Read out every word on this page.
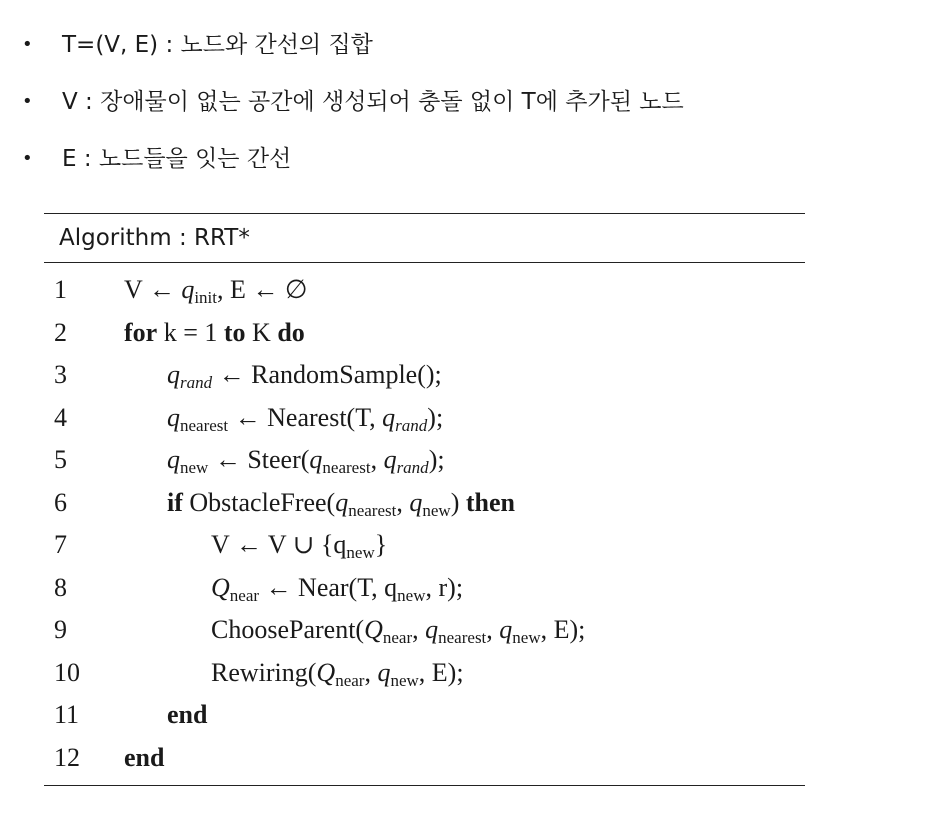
• T=(V, E) : 노드와 간선의 집합
• V : 장애물이 없는 공간에 생성되어 충돌 없이 T에 추가된 노드
• E : 노드들을 잇는 간선
Algorithm : RRT*
1	V ← $q_{init}$, E ← ∅
2	for k = 1 to K do
3	$q_{rand}$ ← RandomSample();
4	$q_{nearest}$ ← Nearest(T, $q_{rand}$);
5	$q_{new}$ ← $Steer(q_{nearest}$, $q_{rand}$);
6	if $ObstacleFree(q_{nearest}$, $q_{new}$) then
7	V ← V ∪ $\{q_{new}\}$
8	$Q_{near}$ ← Near(T, $q_{new}$, r);
9	$ChooseParent(Q_{near}$, $q_{nearest}$, $q_{new}$, E);
10	$Rewiring(Q_{near}$, $q_{new}$, E);
11	end
12	end
